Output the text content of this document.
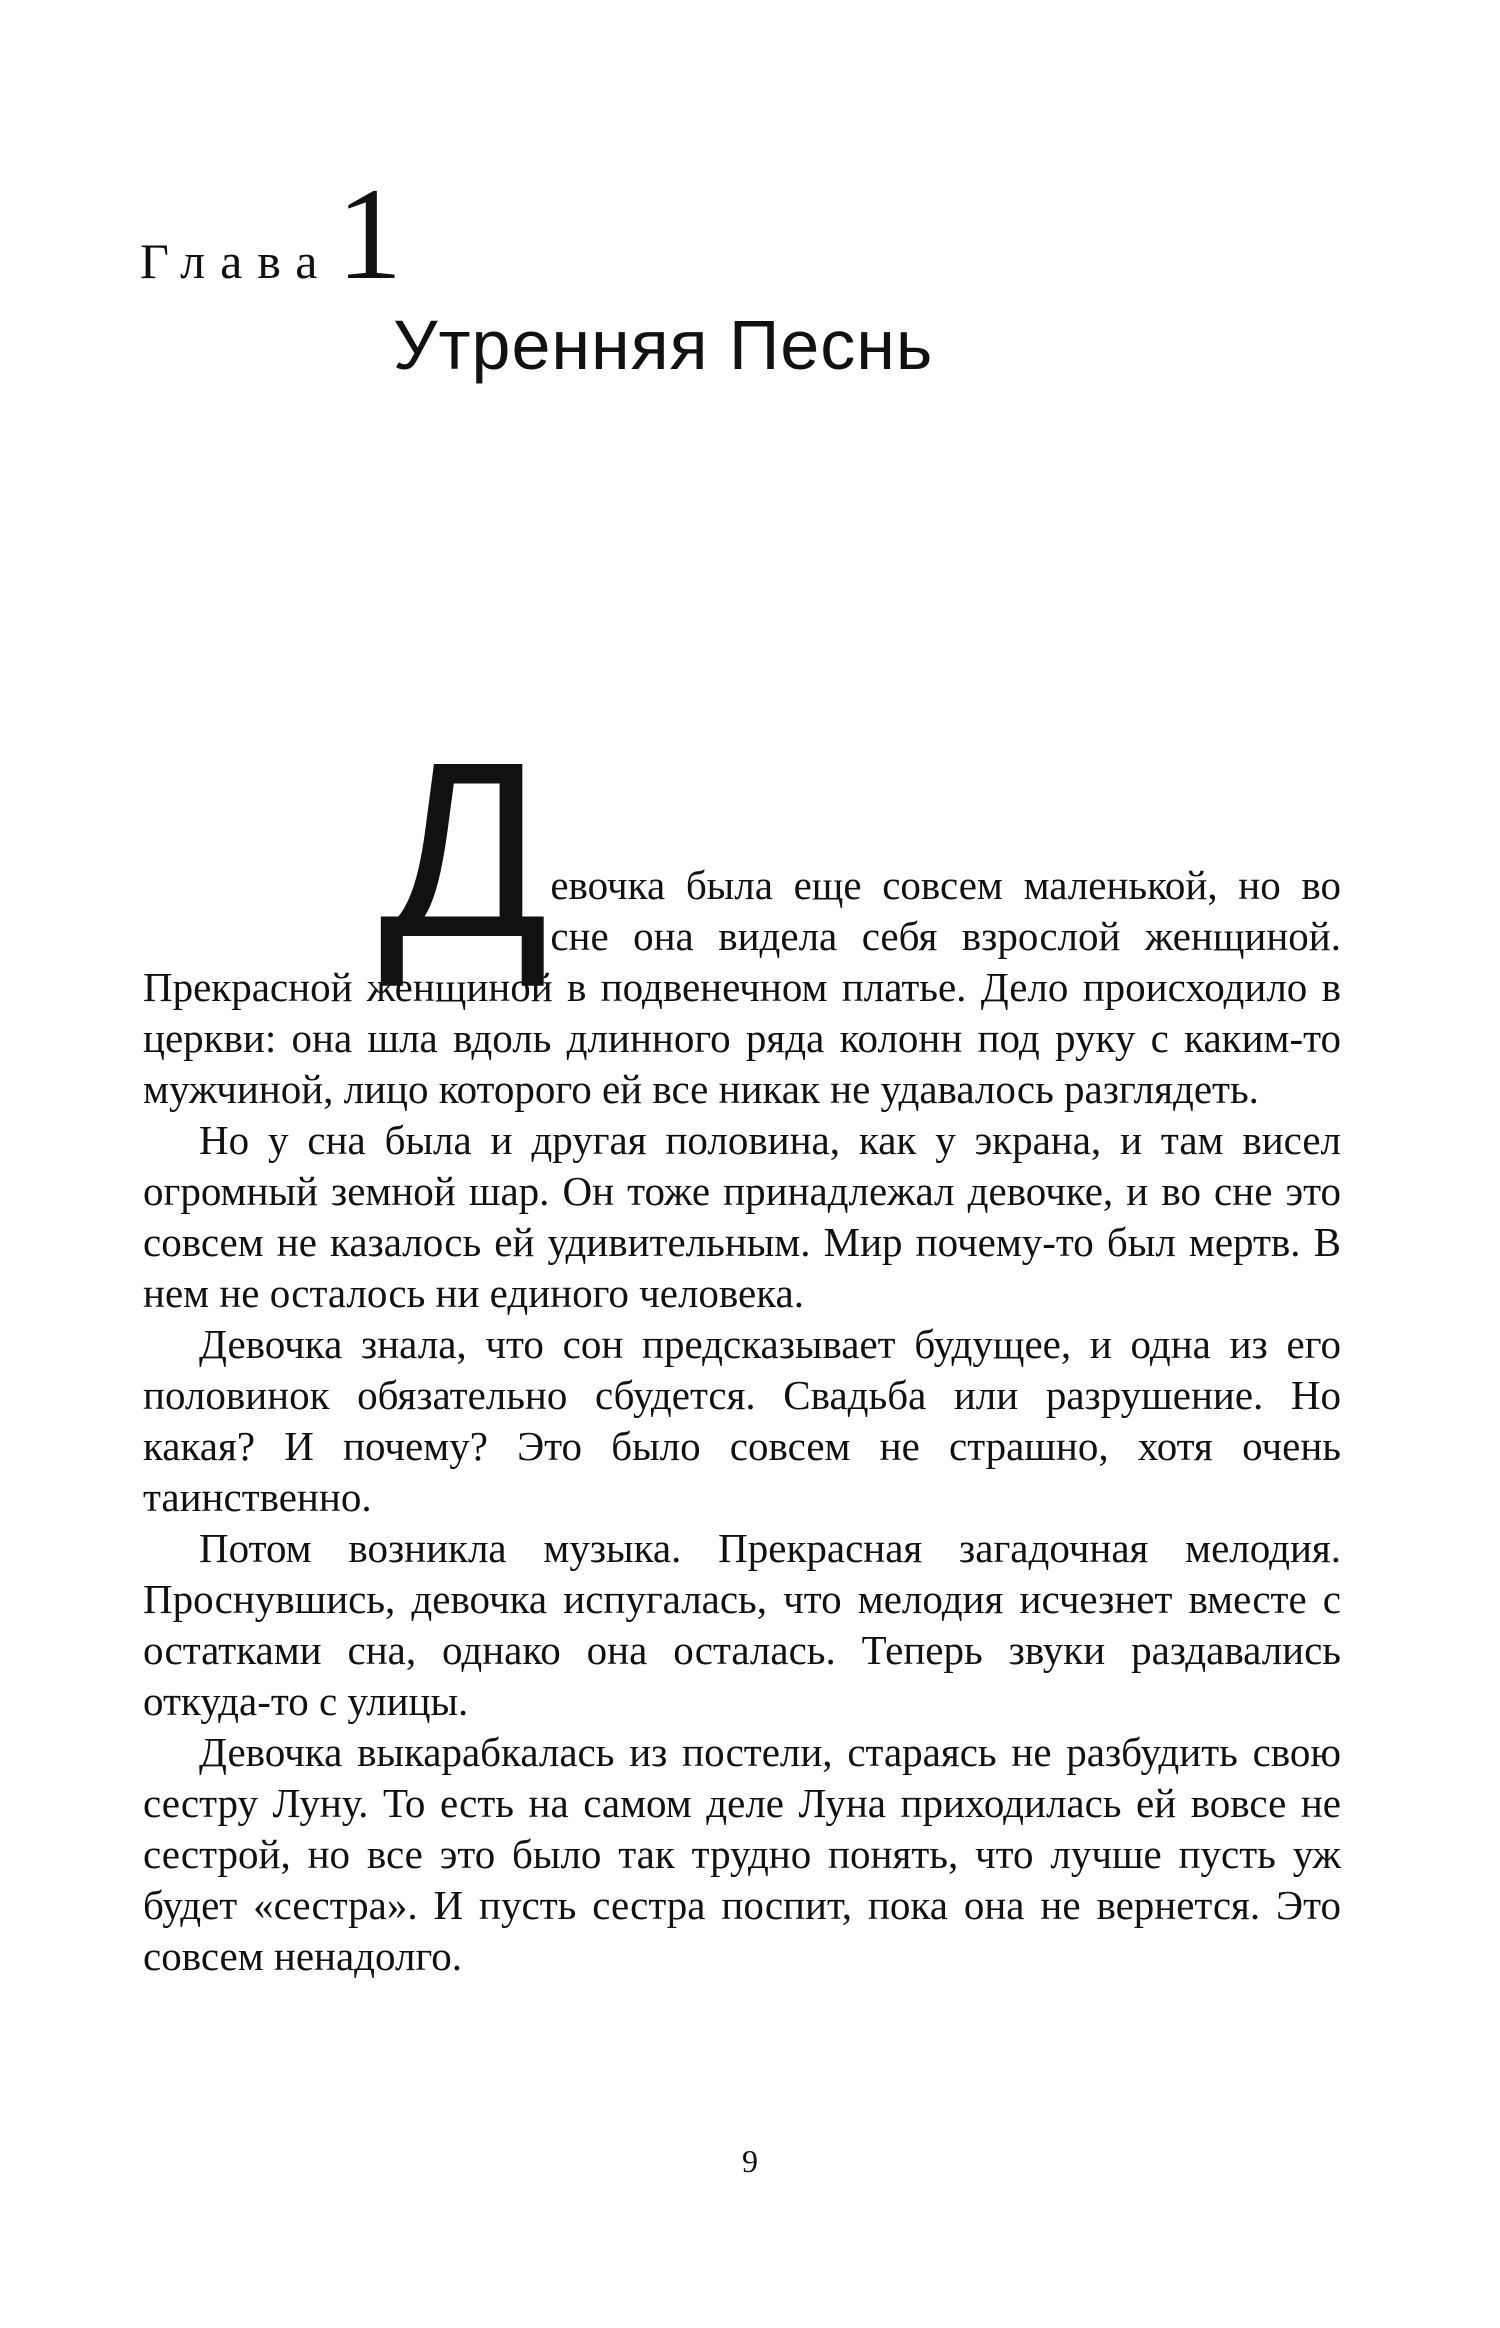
Глава 1
Утренняя Песнь

Девочка была еще совсем маленькой, но во сне она видела себя взрослой женщиной. Прекрасной женщиной в подвенечном платье. Дело происходило в церкви: она шла вдоль длинного ряда колонн под руку с каким-то мужчиной, лицо которого ей все никак не удавалось разглядеть.

Но у сна была и другая половина, как у экрана, и там висел огромный земной шар. Он тоже принадлежал девочке, и во сне это совсем не казалось ей удивительным. Мир почему-то был мертв. В нем не осталось ни единого человека.

Девочка знала, что сон предсказывает будущее, и одна из его половинок обязательно сбудется. Свадьба или разрушение. Но какая? И почему? Это было совсем не страшно, хотя очень таинственно.

Потом возникла музыка. Прекрасная загадочная мелодия. Проснувшись, девочка испугалась, что мелодия исчезнет вместе с остатками сна, однако она осталась. Теперь звуки раздавались откуда-то с улицы.

Девочка выкарабкалась из постели, стараясь не разбудить свою сестру Луну. То есть на самом деле Луна приходилась ей вовсе не сестрой, но все это было так трудно понять, что лучше пусть уж будет «сестра». И пусть сестра поспит, пока она не вернется. Это совсем ненадолго.

9
